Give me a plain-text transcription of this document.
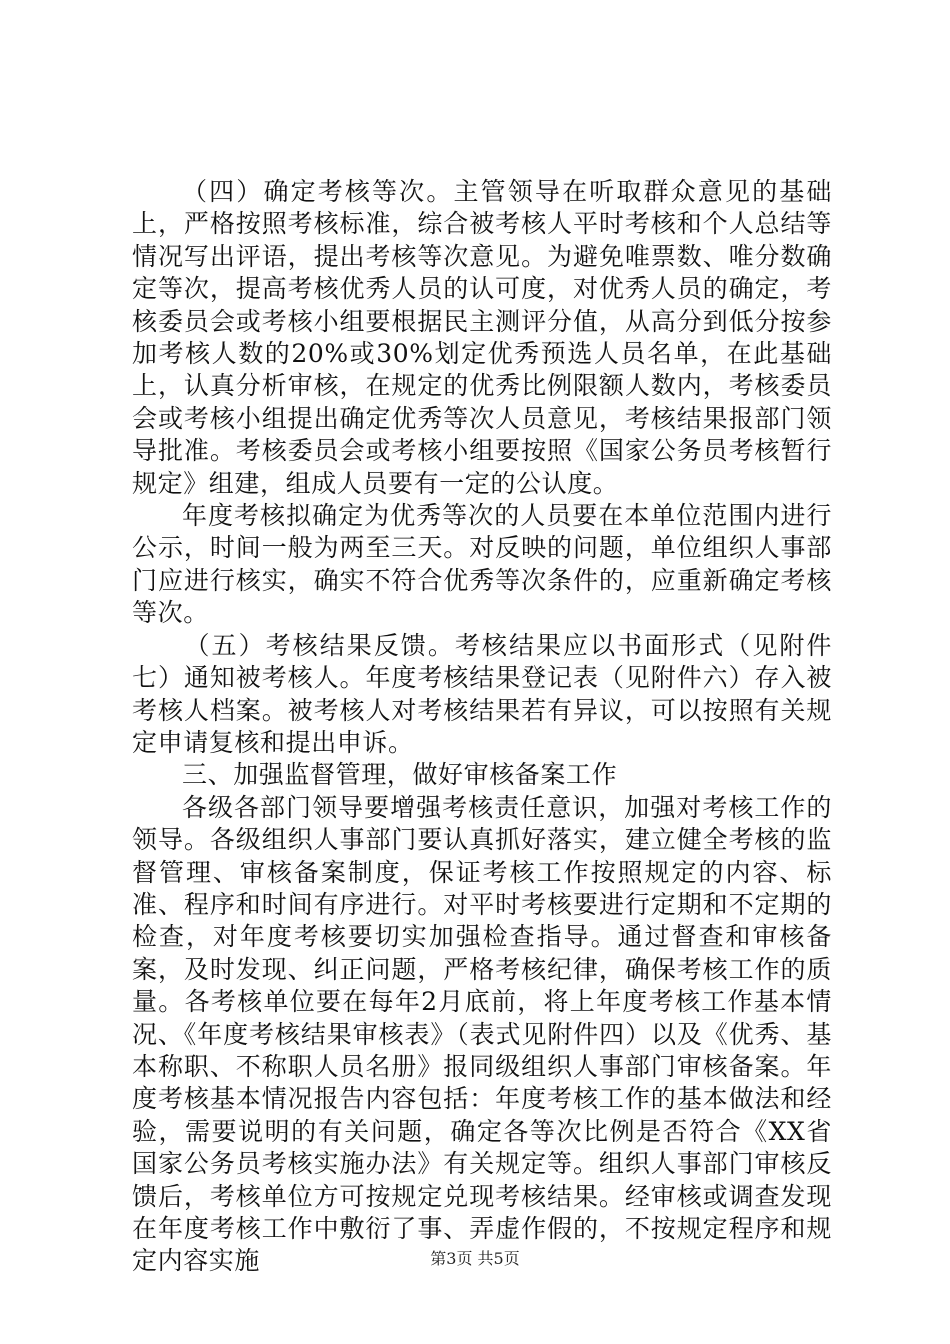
（四）确定考核等次。主管领导在听取群众意见的基础上，严格按照考核标准，综合被考核人平时考核和个人总结等情况写出评语，提出考核等次意见。为避免唯票数、唯分数确定等次，提高考核优秀人员的认可度，对优秀人员的确定，考核委员会或考核小组要根据民主测评分值，从高分到低分按参加考核人数的20%或30%划定优秀预选人员名单，在此基础上，认真分析审核，在规定的优秀比例限额人数内，考核委员会或考核小组提出确定优秀等次人员意见，考核结果报部门领导批准。考核委员会或考核小组要按照《国家公务员考核暂行规定》组建，组成人员要有一定的公认度。

年度考核拟确定为优秀等次的人员要在本单位范围内进行公示，时间一般为两至三天。对反映的问题，单位组织人事部门应进行核实，确实不符合优秀等次条件的，应重新确定考核等次。

（五）考核结果反馈。考核结果应以书面形式（见附件七）通知被考核人。年度考核结果登记表（见附件六）存入被考核人档案。被考核人对考核结果若有异议，可以按照有关规定申请复核和提出申诉。

三、加强监督管理，做好审核备案工作

各级各部门领导要增强考核责任意识，加强对考核工作的领导。各级组织人事部门要认真抓好落实，建立健全考核的监督管理、审核备案制度，保证考核工作按照规定的内容、标准、程序和时间有序进行。对平时考核要进行定期和不定期的检查，对年度考核要切实加强检查指导。通过督查和审核备案，及时发现、纠正问题，严格考核纪律，确保考核工作的质量。各考核单位要在每年2月底前，将上年度考核工作基本情况、《年度考核结果审核表》（表式见附件四）以及《优秀、基本称职、不称职人员名册》报同级组织人事部门审核备案。年度考核基本情况报告内容包括：年度考核工作的基本做法和经验，需要说明的有关问题，确定各等次比例是否符合《XX省国家公务员考核实施办法》有关规定等。组织人事部门审核反馈后，考核单位方可按规定兑现考核结果。经审核或调查发现在年度考核工作中敷衍了事、弄虚作假的，不按规定程序和规定内容实施	第3页 共5页
